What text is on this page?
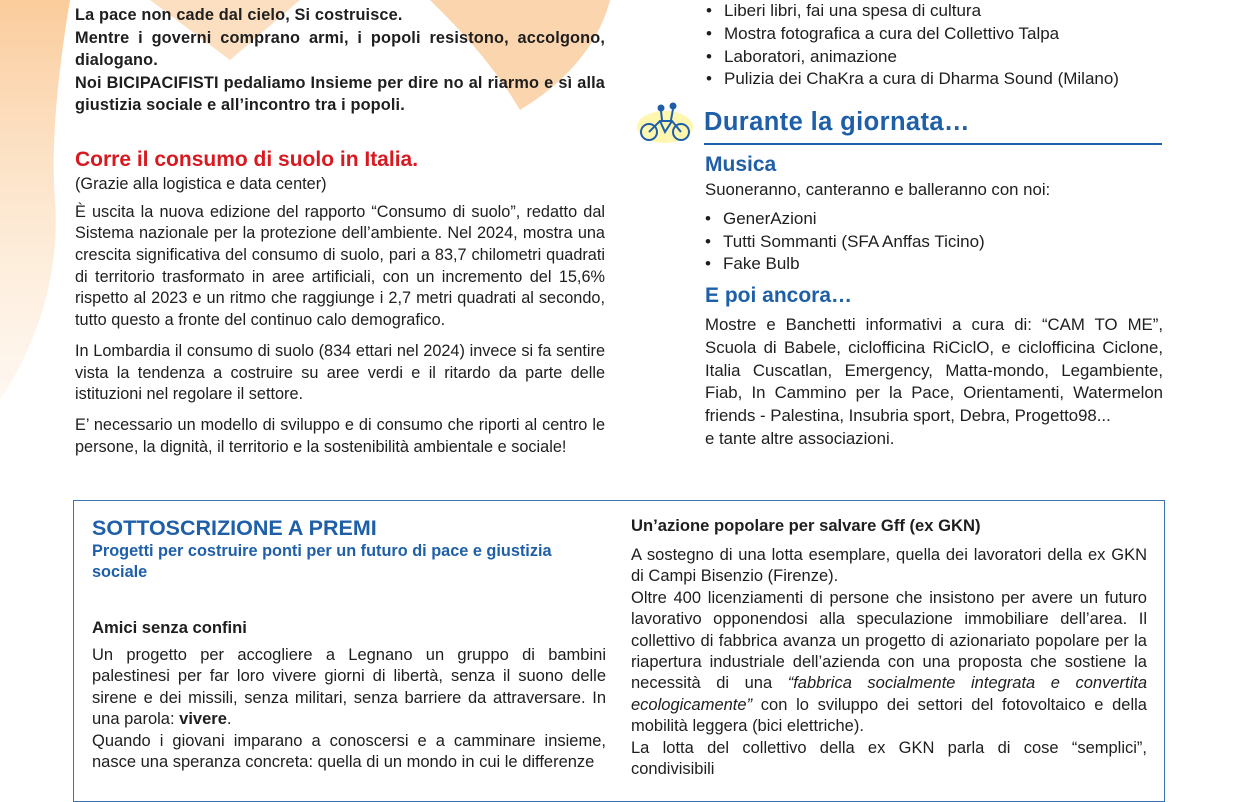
La pace non cade dal cielo, Si costruisce.

Mentre i governi comprano armi, i popoli resistono, accolgono, dialogano.

Noi BICIPACIFISTI pedaliamo Insieme per dire no al riarmo e sì alla giustizia sociale e all’incontro tra i popoli.

Corre il consumo di suolo in Italia.
(Grazie alla logistica e data center)

È uscita la nuova edizione del rapporto “Consumo di suolo”, redatto dal Sistema nazionale per la protezione dell’ambiente. Nel 2024, mostra una crescita significativa del consumo di suolo, pari a 83,7 chilometri quadrati di territorio trasformato in aree artificiali, con un incremento del 15,6% rispetto al 2023 e un ritmo che raggiunge i 2,7 metri quadrati al secondo, tutto questo a fronte del continuo calo demografico.

In Lombardia il consumo di suolo (834 ettari nel 2024) invece si fa sentire vista la tendenza a costruire su aree verdi e il ritardo da parte delle istituzioni nel regolare il settore.

E’ necessario un modello di sviluppo e di consumo che riporti al centro le persone, la dignità, il territorio e la sostenibilità ambientale e sociale!

• Liberi libri, fai una spesa di cultura
• Mostra fotografica a cura del Collettivo Talpa
• Laboratori, animazione
• Pulizia dei ChaKra a cura di Dharma Sound (Milano)
Durante la giornata…
Musica

Suoneranno, canteranno e balleranno con noi:

• GenerAzioni
• Tutti Sommanti (SFA Anffas Ticino)
• Fake Bulb
E poi ancora…

Mostre e Banchetti informativi a cura di: “CAM TO ME”, Scuola di Babele, ciclofficina RiCiclO, e ciclofficina Ciclone, Italia Cuscatlan, Emergency, Matta-mondo, Legambiente, Fiab, In Cammino per la Pace, Orientamenti, Watermelon friends - Palestina, Insubria sport, Debra, Progetto98...

e tante altre associazioni.

SOTTOSCRIZIONE A PREMI

Progetti per costruire ponti per un futuro di pace e giustizia sociale

Amici senza confini

Un progetto per accogliere a Legnano un gruppo di bambini palestinesi per far loro vivere giorni di libertà, senza il suono delle sirene e dei missili, senza militari, senza barriere da attraversare. In una parola: vivere.

Quando i giovani imparano a conoscersi e a camminare insieme, nasce una speranza concreta: quella di un mondo in cui le differenze

Un’azione popolare per salvare Gff (ex GKN)

A sostegno di una lotta esemplare, quella dei lavoratori della ex GKN di Campi Bisenzio (Firenze).

Oltre 400 licenziamenti di persone che insistono per avere un futuro lavorativo opponendosi alla speculazione immobiliare dell’area. Il collettivo di fabbrica avanza un progetto di azionariato popolare per la riapertura industriale dell’azienda con una proposta che sostiene la necessità di una “fabbrica socialmente integrata e convertita ecologicamente” con lo sviluppo dei settori del fotovoltaico e della mobilità leggera (bici elettriche).

La lotta del collettivo della ex GKN parla di cose “semplici”, condivisibili
